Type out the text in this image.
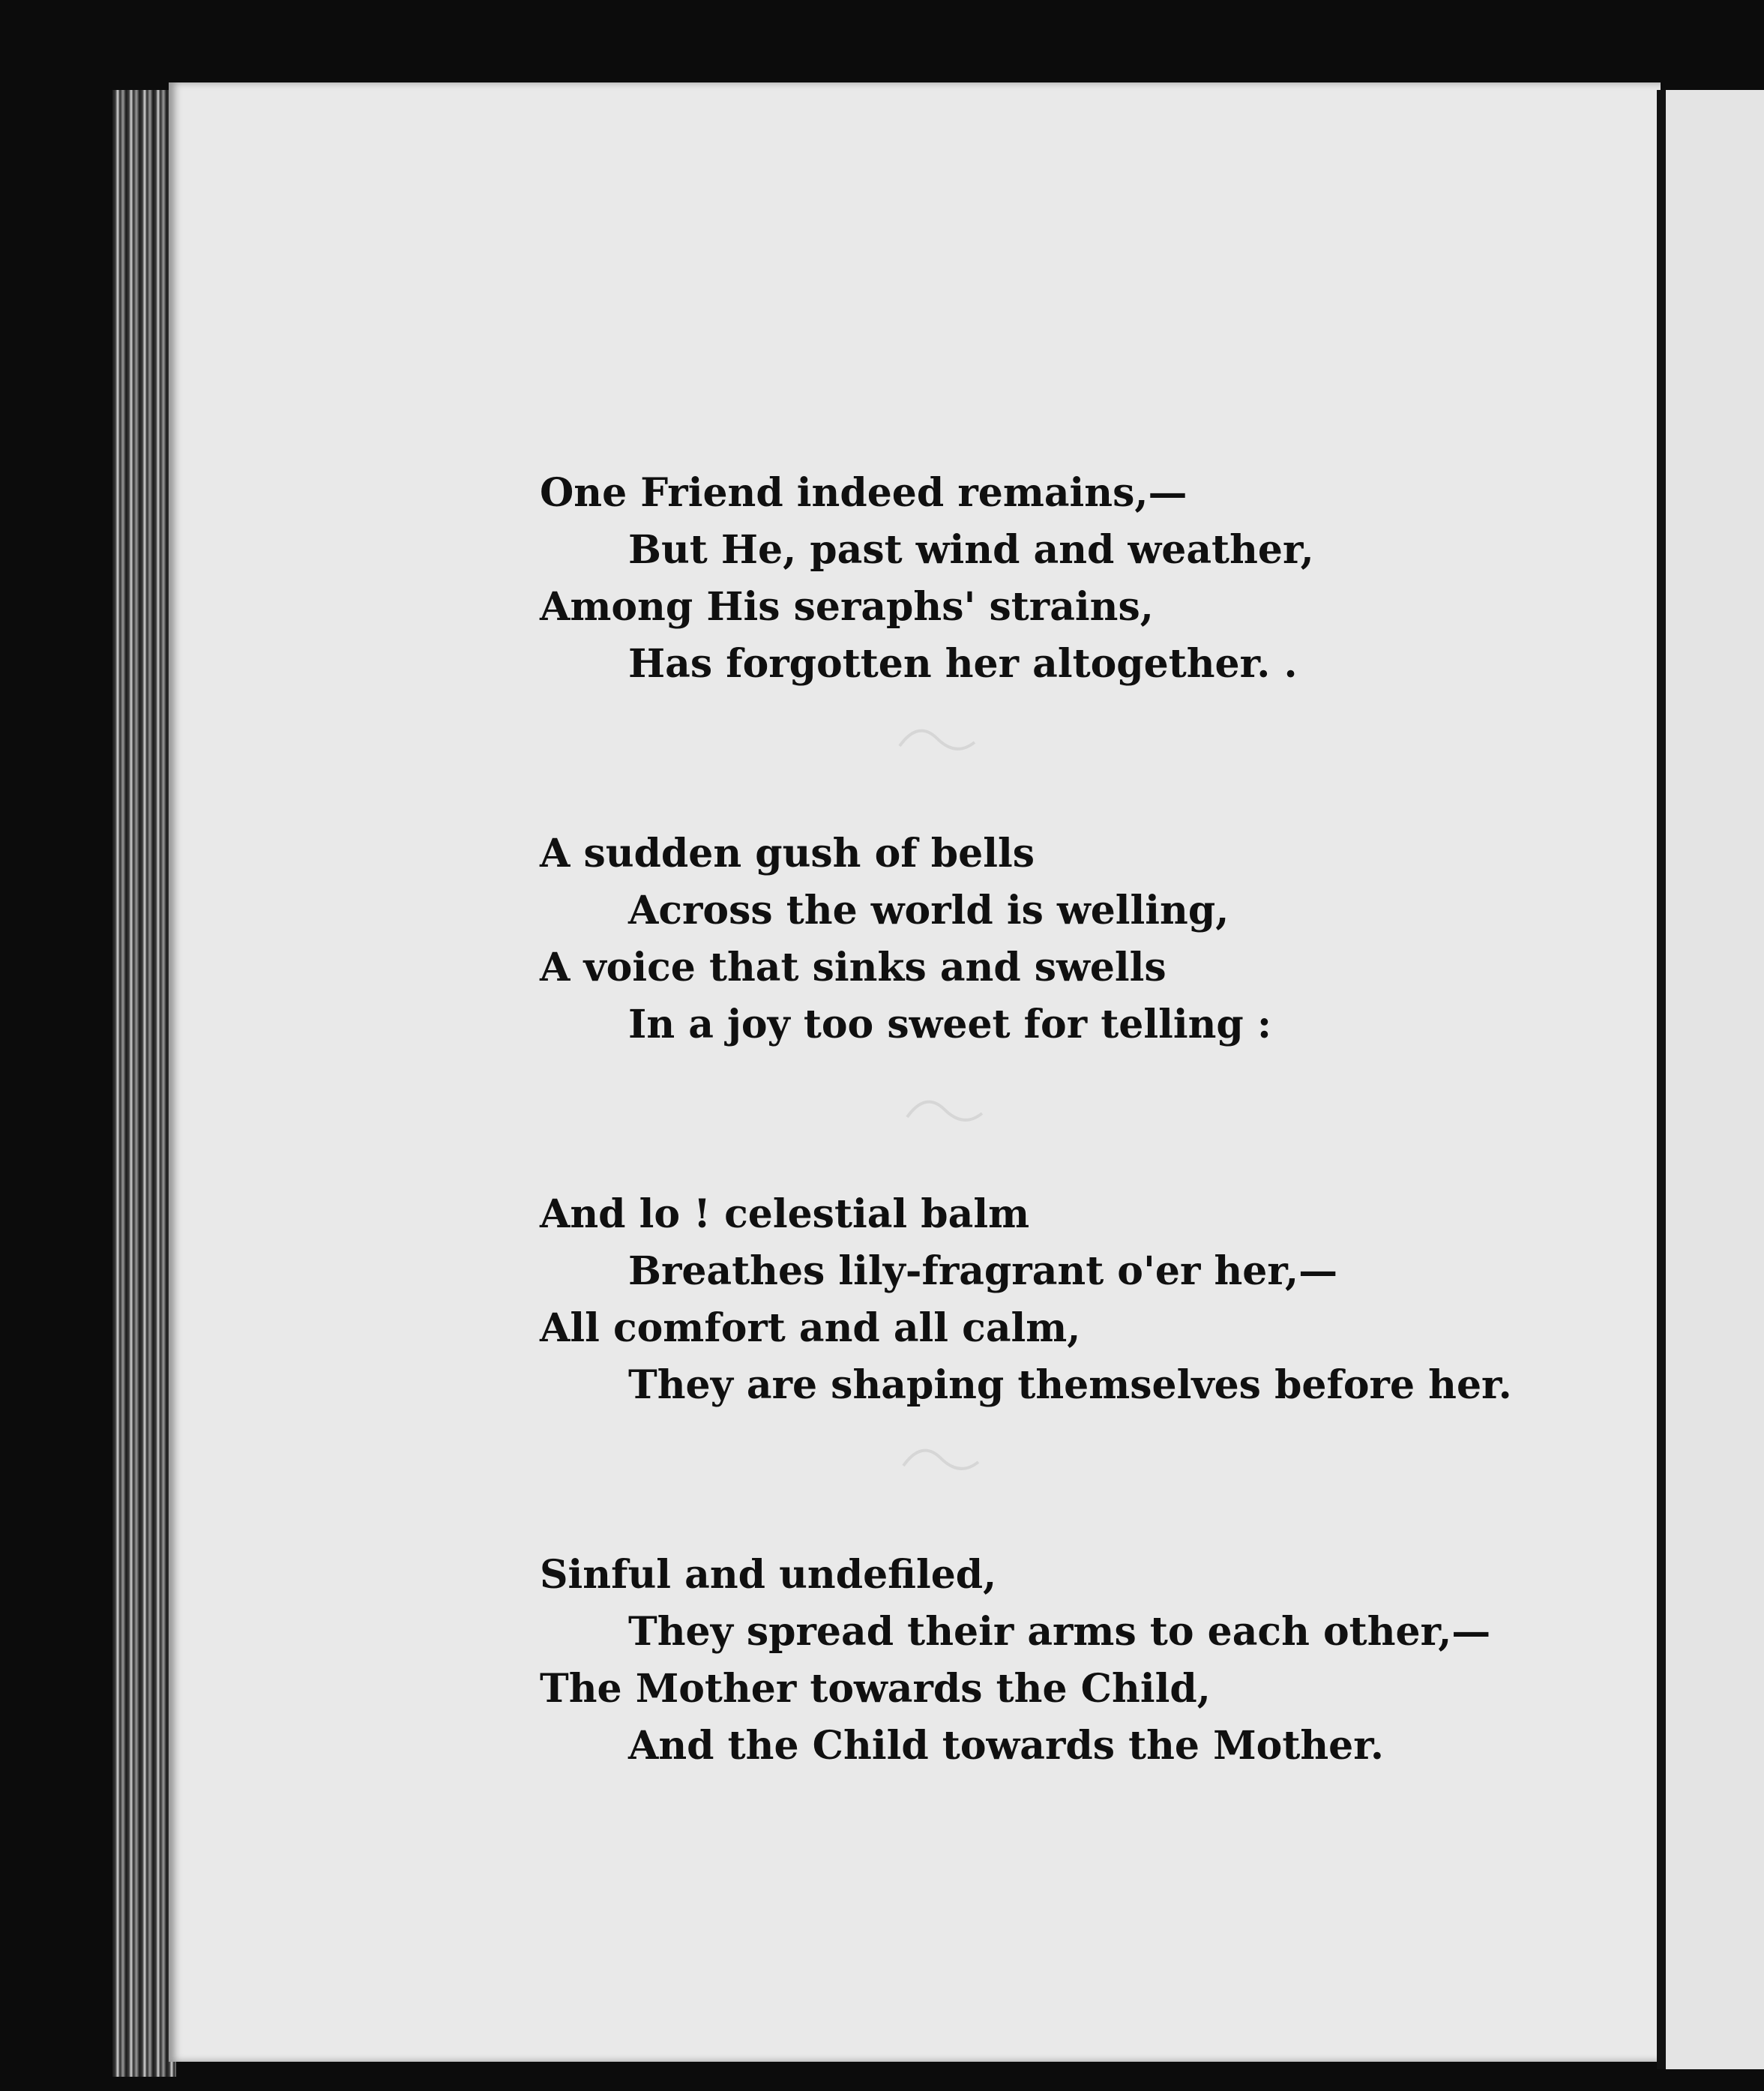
One Friend indeed remains,—
But He, past wind and weather,
Among His seraphs' strains,
Has forgotten her altogether. .
A sudden gush of bells
Across the world is welling,
A voice that sinks and swells
In a joy too sweet for telling :
And lo ! celestial balm
Breathes lily-fragrant o'er her,—
All comfort and all calm,
They are shaping themselves before her.
Sinful and undefiled,
They spread their arms to each other,—
The Mother towards the Child,
And the Child towards the Mother.
